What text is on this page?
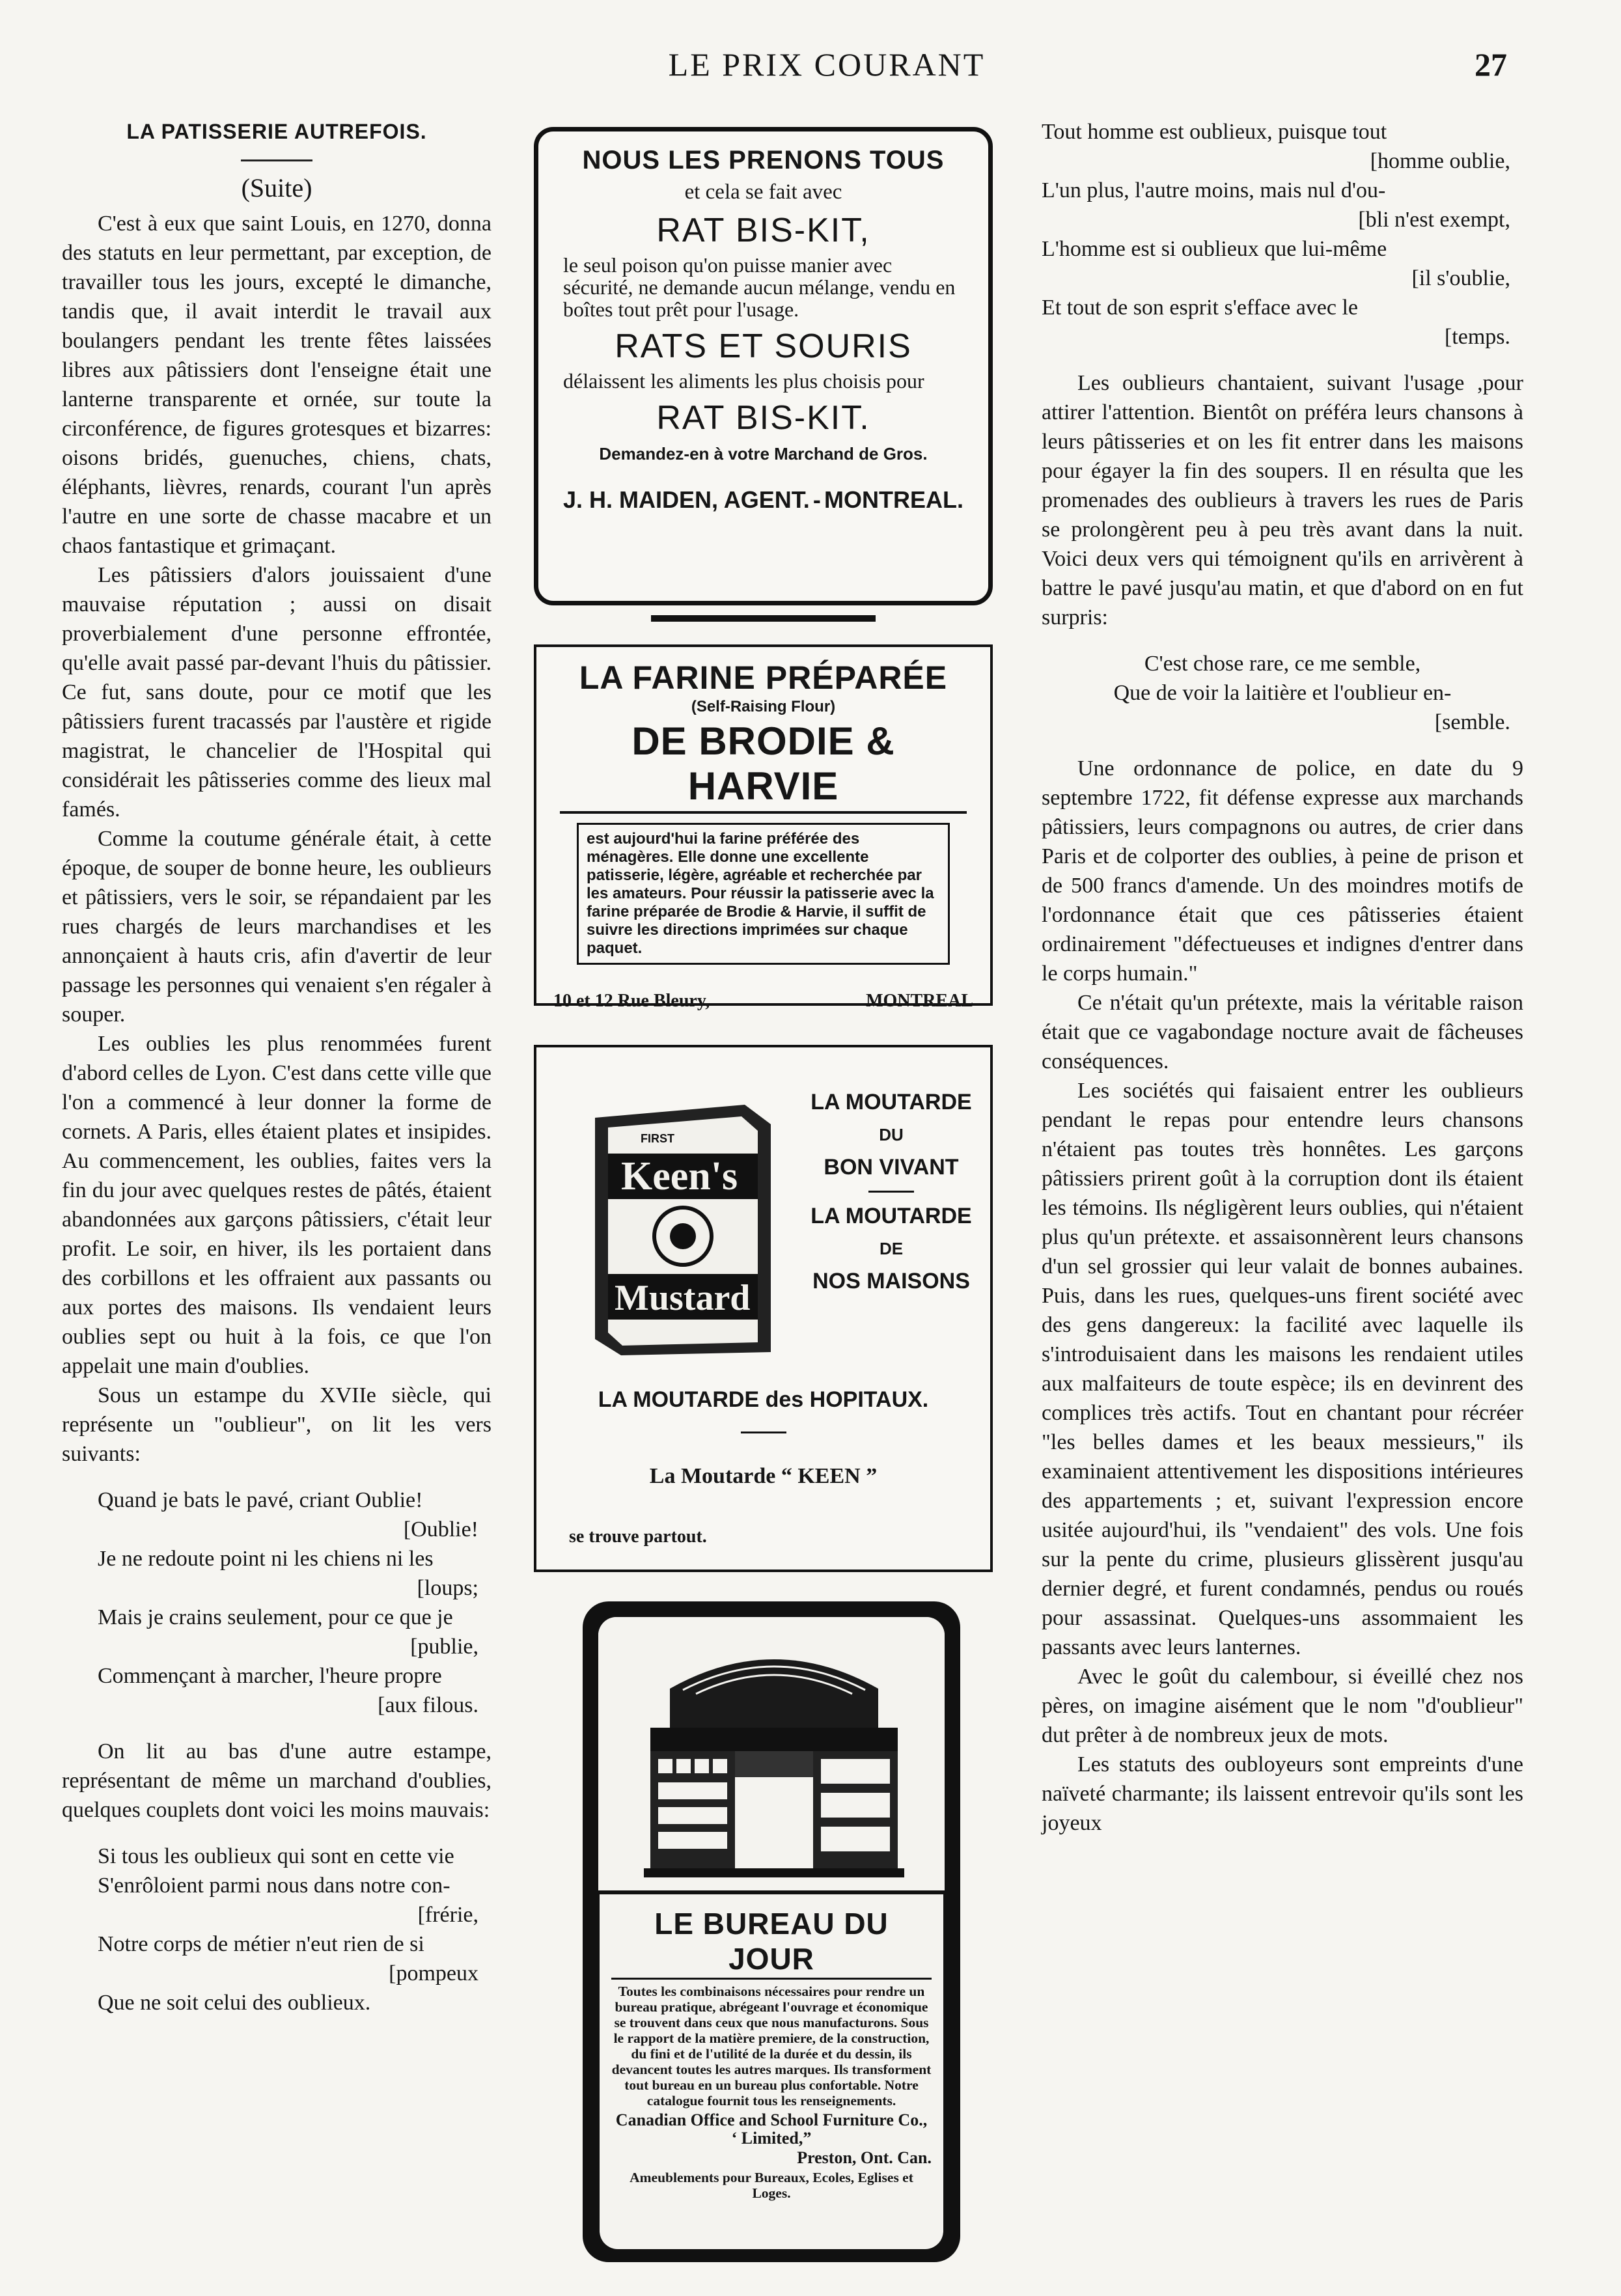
LE PRIX COURANT	27
LA PATISSERIE AUTREFOIS.
(Suite)

C'est à eux que saint Louis, en 1270, donna des statuts en leur permettant, par exception, de travailler tous les jours, excepté le dimanche, tandis que, il avait interdit le travail aux boulangers pendant les trente fêtes laissées libres aux pâtissiers dont l'enseigne était une lanterne transparente et ornée, sur toute la circonférence, de figures grotesques et bizarres: oisons bridés, guenuches, chiens, chats, éléphants, lièvres, renards, courant l'un après l'autre en une sorte de chasse macabre et un chaos fantastique et grimaçant.

Les pâtissiers d'alors jouissaient d'une mauvaise réputation ; aussi on disait proverbialement d'une personne effrontée, qu'elle avait passé par-devant l'huis du pâtissier. Ce fut, sans doute, pour ce motif que les pâtissiers furent tracassés par l'austère et rigide magistrat, le chancelier de l'Hospital qui considérait les pâtisseries comme des lieux mal famés.

Comme la coutume générale était, à cette époque, de souper de bonne heure, les oublieurs et pâtissiers, vers le soir, se répandaient par les rues chargés de leurs marchandises et les annonçaient à hauts cris, afin d'avertir de leur passage les personnes qui venaient s'en régaler à souper.

Les oublies les plus renommées furent d'abord celles de Lyon. C'est dans cette ville que l'on a commencé à leur donner la forme de cornets. A Paris, elles étaient plates et insipides. Au commencement, les oublies, faites vers la fin du jour avec quelques restes de pâtés, étaient abandonnées aux garçons pâtissiers, c'était leur profit. Le soir, en hiver, ils les portaient dans des corbillons et les offraient aux passants ou aux portes des maisons. Ils vendaient leurs oublies sept ou huit à la fois, ce que l'on appelait une main d'oublies.

Sous un estampe du XVIIe siècle, qui représente un "oublieur", on lit les vers suivants:

Quand je bats le pavé, criant Oublie!
[Oublie!
Je ne redoute point ni les chiens ni les
[loups;
Mais je crains seulement, pour ce que je
[publie,
Commençant à marcher, l'heure propre
[aux filous.

On lit au bas d'une autre estampe, représentant de même un marchand d'oublies, quelques couplets dont voici les moins mauvais:

Si tous les oublieux qui sont en cette vie
S'enrôloient parmi nous dans notre con-
[frérie,
Notre corps de métier n'eut rien de si
[pompeux
Que ne soit celui des oublieux.
Tout homme est oublieux, puisque tout
[homme oublie,
L'un plus, l'autre moins, mais nul d'ou-
[bli n'est exempt,
L'homme est si oublieux que lui-même
[il s'oublie,
Et tout de son esprit s'efface avec le
[temps.

Les oublieurs chantaient, suivant l'usage ,pour attirer l'attention. Bientôt on préféra leurs chansons à leurs pâtisseries et on les fit entrer dans les maisons pour égayer la fin des soupers. Il en résulta que les promenades des oublieurs à travers les rues de Paris se prolongèrent peu à peu très avant dans la nuit. Voici deux vers qui témoignent qu'ils en arrivèrent à battre le pavé jusqu'au matin, et que d'abord on en fut surpris:

C'est chose rare, ce me semble,
Que de voir la laitière et l'oublieur en-
[semble.

Une ordonnance de police, en date du 9 septembre 1722, fit défense expresse aux marchands pâtissiers, leurs compagnons ou autres, de crier dans Paris et de colporter des oublies, à peine de prison et de 500 francs d'amende. Un des moindres motifs de l'ordonnance était que ces pâtisseries étaient ordinairement "défectueuses et indignes d'entrer dans le corps humain."

Ce n'était qu'un prétexte, mais la véritable raison était que ce vagabondage nocture avait de fâcheuses conséquences.

Les sociétés qui faisaient entrer les oublieurs pendant le repas pour entendre leurs chansons n'étaient pas toutes très honnêtes. Les garçons pâtissiers prirent goût à la corruption dont ils étaient les témoins. Ils négligèrent leurs oublies, qui n'étaient plus qu'un prétexte. et assaisonnèrent leurs chansons d'un sel grossier qui leur valait de bonnes aubaines. Puis, dans les rues, quelques-uns firent société avec des gens dangereux: la facilité avec laquelle ils s'introduisaient dans les maisons les rendaient utiles aux malfaiteurs de toute espèce; ils en devinrent des complices très actifs. Tout en chantant pour récréer "les belles dames et les beaux messieurs," ils examinaient attentivement les dispositions intérieures des appartements ; et, suivant l'expression encore usitée aujourd'hui, ils "vendaient" des vols. Une fois sur la pente du crime, plusieurs glissèrent jusqu'au dernier degré, et furent condamnés, pendus ou roués pour assassinat. Quelques-uns assommaient les passants avec leurs lanternes.

Avec le goût du calembour, si éveillé chez nos pères, on imagine aisément que le nom "d'oublieur" dut prêter à de nombreux jeux de mots.

Les statuts des oubloyeurs sont empreints d'une naïveté charmante; ils laissent entrevoir qu'ils sont les joyeux

NOUS LES PRENONS TOUS
et cela se fait avec
RAT BIS-KIT,
le seul poison qu'on puisse manier avec sécurité, ne demande aucun mélange, vendu en boîtes tout prêt pour l'usage.
RATS ET SOURIS
délaissent les aliments les plus choisis pour
RAT BIS-KIT.
Demandez-en à votre Marchand de Gros.
J. H. MAIDEN, AGENT. - MONTREAL.
LA FARINE PRÉPARÉE
(Self-Raising Flour)
DE BRODIE & HARVIE
est aujourd'hui la farine préférée des ménagères. Elle donne une excellente patisserie, légère, agréable et recherchée par les amateurs. Pour réussir la patisserie avec la farine préparée de Brodie & Harvie, il suffit de suivre les directions imprimées sur chaque paquet.
10 et 12 Rue Bleury,	MONTREAL
FIRST
Keen's
Mustard
LA MOUTARDE
DU
BON VIVANT
LA MOUTARDE
DE
NOS MAISONS
LA MOUTARDE des HOPITAUX.
La Moutarde “ KEEN ”
se trouve partout.
LE BUREAU DU JOUR
Toutes les combinaisons nécessaires pour rendre un bureau pratique, abrégeant l'ouvrage et économique se trouvent dans ceux que nous manufacturons. Sous le rapport de la matière premiere, de la construction, du fini et de l'utilité de la durée et du dessin, ils devancent toutes les autres marques. Ils transforment tout bureau en un bureau plus confortable. Notre catalogue fournit tous les renseignements.
Canadian Office and School Furniture Co., ‘ Limited,”
Preston, Ont. Can.
Ameublements pour Bureaux, Ecoles, Eglises et Loges.
